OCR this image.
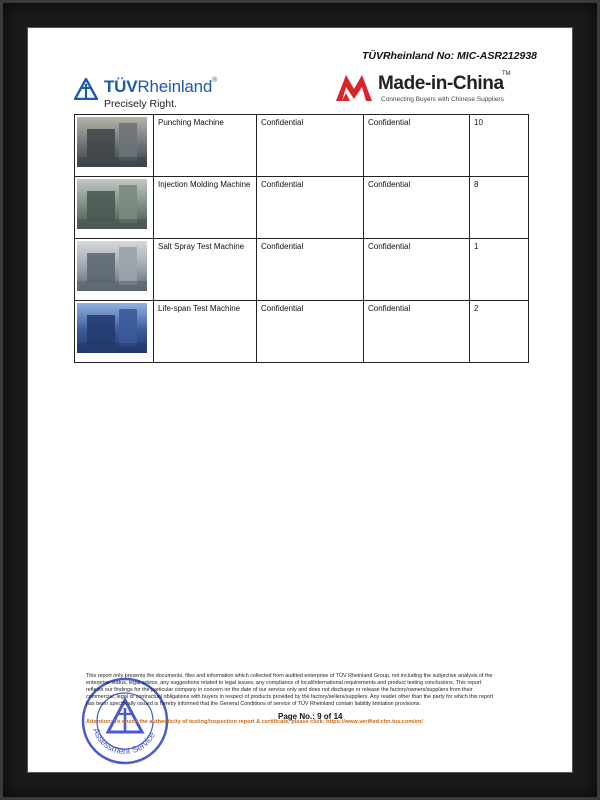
TÜVRheinland No: MIC-ASR212938
TÜVRheinland®
Precisely Right.
Made-in-China
TM
Connecting Buyers with Chinese Suppliers
	Punching Machine	Confidential	Confidential	10

	Injection Molding Machine	Confidential	Confidential	8

	Salt Spray Test Machine	Confidential	Confidential	1

	Life-span Test Machine	Confidential	Confidential	2
Assessment Service
This report only presents the documents, files and information which collected from audited enterprise of TÜV Rheinland Group, not including the subjective analysis of the enterprise status, legal advice, any suggestions related to legal issues, any compliance of local/international requirements and product testing conclusions. This report reflects our findings for the particular company in concern on the date of our service only and does not discharge or release the factory/owners/suppliers from their commercial, legal or contractual obligations with buyers in respect of products provided by the factory/sellers/suppliers. Any reader other than the party for which this report has been specifically issued is hereby informed that the General Conditions of service of TÜV Rheinland contain liability limitation provisions.
Page No.: 9 of 14
Attention: To check the authenticity of testing/inspection report & certificate, please click: https://www.verified.chn.tuv.com/en/
